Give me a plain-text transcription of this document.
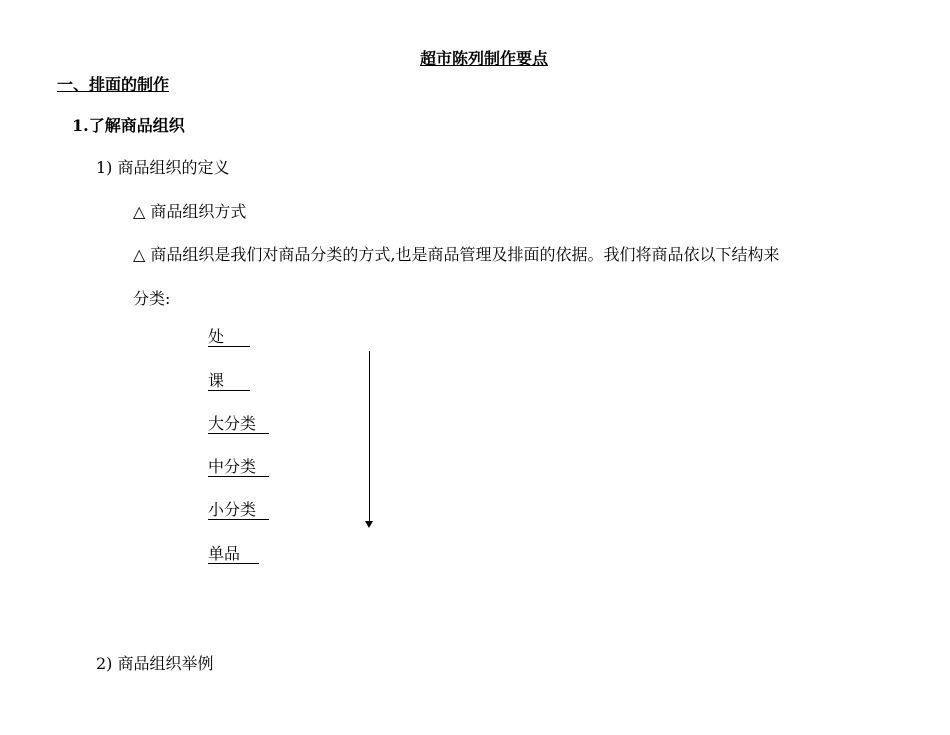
超市陈列制作要点
一、排面的制作
1.了解商品组织
1) 商品组织的定义
△ 商品组织方式
△ 商品组织是我们对商品分类的方式,也是商品管理及排面的依据。我们将商品依以下结构来
分类:
处
课
大分类
中分类
小分类
单品
2) 商品组织举例
